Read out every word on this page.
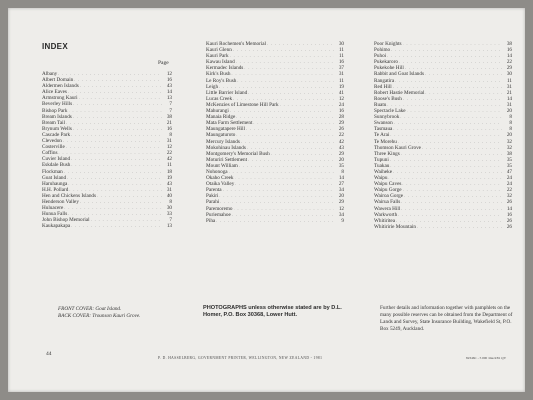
INDEX
Page
Albany . . .	12
Albert Domain . . .	16
Aldermen Islands . . .	43
Alice Eaves . . .	14
Armstrong Kauri . . .	13
Beverley Hills . . .	7
Bishop Park . . .	7
Bream Islands . . .	38
Bream Tail . . .	21
Brynum Wells . . .	16
Cascade Park . . .	8
Clevedon . . .	31
Costerville . . .	12
Coffins . . .	22
Cuvier Island . . .	42
Eskdale Bush . . .	11
Flockman . . .	18
Goat Island . . .	19
Haruhaunga . . .	43
H.H. Pollard . . .	31
Hen and Chickens Islands . . .	40
Henderson Valley . . .	8
Huluacere . . .	30
Hunua Falls . . .	33
John Bishop Memorial . . .	7
Kaukapakapa . . .	13
Kauri Rochemen's Memorial . . .	30
Kauri Glenn . . .	11
Kauri Park . . .	11
Kawau Island . . .	16
Kermadec Islands . . .	37
Kirk's Bush . . .	31
Le Roy's Bush . . .	11
Leigh . . .	19
Little Barrier Island . . .	41
Lucas Creek . . .	12
McKenzies of Limestone Hill Park . . .	24
Mahurangi . . .	16
Manaia Ridge . . .	28
Mata Farm Settlement . . .	29
Maungatapere Hill . . .	26
Maungaturoto . . .	22
Mercury Islands . . .	42
Mokohinau Islands . . .	43
Montgomery's Memorial Bush . . .	29
Moturiri Settlement . . .	20
Mount William . . .	35
Nohonoga . . .	8
Okaho Creek . . .	14
Otaika Valley . . .	27
Parenta . . .	34
Pakiri . . .	20
Parahi . . .	29
Paremoremo . . .	12
Puriemahoe . . .	34
Piha . . .	9
Poor Knights . . .	38
Pohimo . . .	16
Puhoi . . .	14
Pukekaroro . . .	22
Pukekohe Hill . . .	29
Rabbit and Goat Islands . . .	30
Rangatira . . .	11
Red Hill . . .	31
Robert Hastie Memorial . . .	21
Roose's Bush . . .	14
Ruatu . . .	31
Spectacle Lake . . .	20
Sunnybrook . . .	8
Swanson . . .	8
Tasmaua . . .	8
Te Arai . . .	20
Te Morehu . . .	32
Thomson Kauri Grove . . .	32
Three Kings . . .	38
Tupuni . . .	35
Tuakau . . .	35
Waiheke . . .	47
Waipu . . .	24
Waipu Caves . . .	24
Waipu Gorge . . .	22
Wairoa Gorge . . .	32
Wairua Falls . . .	26
Wawera Hill . . .	14
Warkworth . . .	16
Whitiritea . . .	26
Whitiririe Mountain . . .	26
FRONT COVER: Goat Island.
BACK COVER: Trounson Kauri Grove.
PHOTOGRAPHS unless otherwise stated are by D.L. Homer, P.O. Box 30368, Lower Hutt.
Further details and information together with pamphlets on the many possible reserves can be obtained from the Department of Lands and Survey, State Insurance Building, Wakefield St, P.O. Box 5249, Auckland.
44
P. D. HASSELBERG, GOVERNMENT PRINTER, WELLINGTON, NEW ZEALAND - 1981	82346C - 5 000 /mu/4/81 QV
